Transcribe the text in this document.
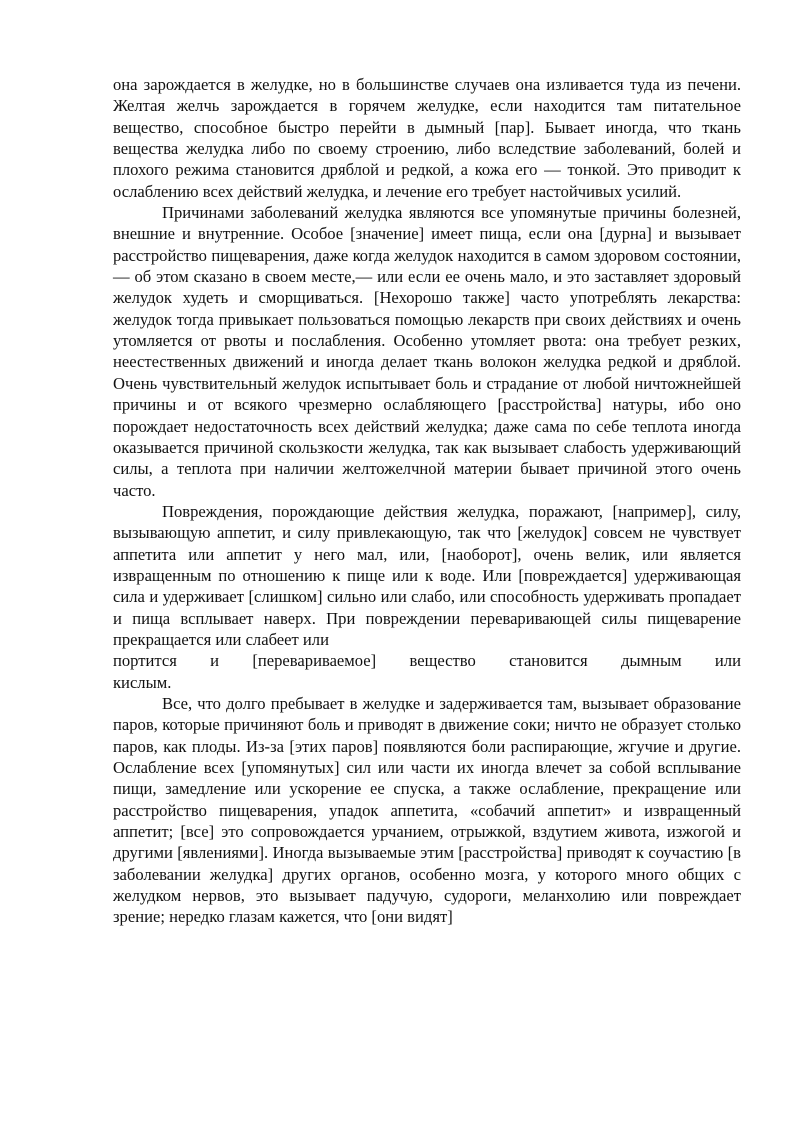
она зарождается в желудке, но в большинстве случаев она изливается туда из печени. Желтая желчь зарождается в горячем желудке, если находится там питательное вещество, способное быстро перейти в дымный [пар]. Бывает иногда, что ткань вещества желудка либо по своему строению, либо вследствие заболеваний, болей и плохого режима становится дряблой и редкой, а кожа его — тонкой. Это приводит к ослаблению всех действий желудка, и лечение его требует настойчивых усилий.

Причинами заболеваний желудка являются все упомянутые причины болезней, внешние и внутренние. Особое [значение] имеет пища, если она [дурна] и вызывает расстройство пищеварения, даже когда желудок находится в самом здоровом состоянии,— об этом сказано в своем месте,— или если ее очень мало, и это заставляет здоровый желудок худеть и сморщиваться. [Нехорошо также] часто употреблять лекарства: желудок тогда привыкает пользоваться помощью лекарств при своих действиях и очень утомляется от рвоты и послабления. Особенно утомляет рвота: она требует резких, неестественных движений и иногда делает ткань волокон желудка редкой и дряблой. Очень чувствительный желудок испытывает боль и страдание от любой ничтожнейшей причины и от всякого чрезмерно ослабляющего [расстройства] натуры, ибо оно порождает недостаточность всех действий желудка; даже сама по себе теплота иногда оказывается причиной скользкости желудка, так как вызывает слабость удерживающий силы, а теплота при наличии желтожелчной материи бывает причиной этого очень часто.

Повреждения, порождающие действия желудка, поражают, [например], силу, вызывающую аппетит, и силу привлекающую, так что [желудок] совсем не чувствует аппетита или аппетит у него мал, или, [наоборот], очень велик, или является извращенным по отношению к пище или к воде. Или [повреждается] удерживающая сила и удерживает [слишком] сильно или слабо, или способность удерживать пропадает и пища всплывает наверх. При повреждении переваривающей силы пищеварение прекращается или слабеет или

портится и [перевариваемое] вещество становится дымным или

кислым.

Все, что долго пребывает в желудке и задерживается там, вызывает образование паров, которые причиняют боль и приводят в движение соки; ничто не образует столько паров, как плоды. Из-за [этих паров] появляются боли распирающие, жгучие и другие. Ослабление всех [упомянутых] сил или части их иногда влечет за собой всплывание пищи, замедление или ускорение ее спуска, а также ослабление, прекращение или расстройство пищеварения, упадок аппетита, «собачий аппетит» и извращенный аппетит; [все] это сопровождается урчанием, отрыжкой, вздутием живота, изжогой и другими [явлениями]. Иногда вызываемые этим [расстройства] приводят к соучастию [в заболевании желудка] других органов, особенно мозга, у которого много общих с желудком нервов, это вызывает падучую, судороги, меланхолию или повреждает зрение; нередко глазам кажется, что [они видят]
